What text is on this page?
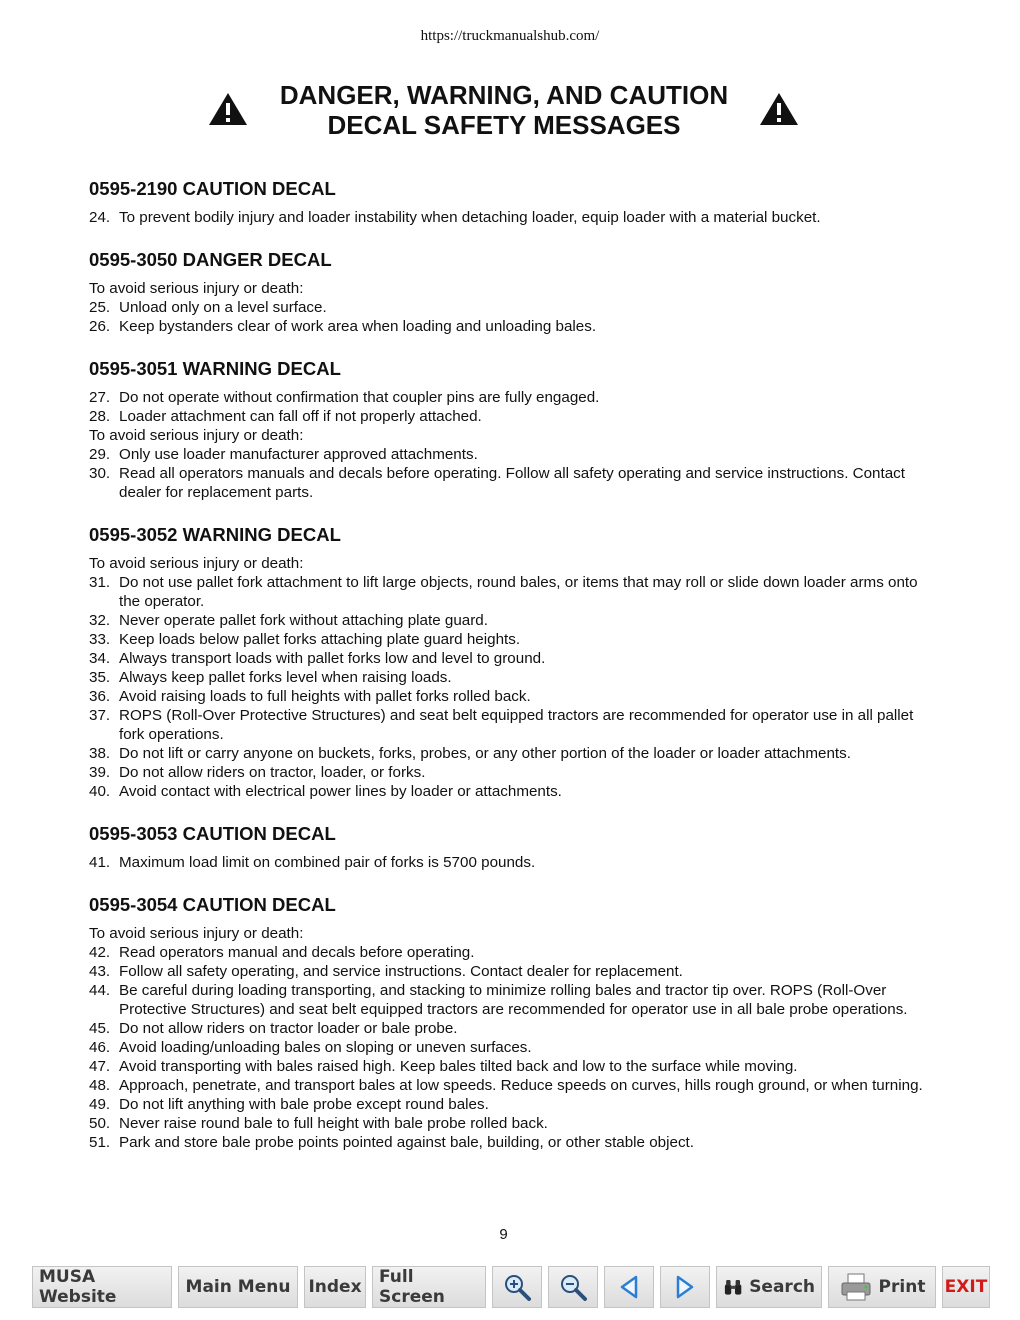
https://truckmanualshub.com/
DANGER, WARNING, AND CAUTION
DECAL SAFETY MESSAGES
0595-2190 CAUTION DECAL
24. To prevent bodily injury and loader instability when detaching loader, equip loader with a material bucket.
0595-3050 DANGER DECAL
To avoid serious injury or death:
25. Unload only on a level surface.
26. Keep bystanders clear of work area when loading and unloading bales.
0595-3051 WARNING DECAL
27. Do not operate without confirmation that coupler pins are fully engaged.
28. Loader attachment can fall off if not properly attached.
To avoid serious injury or death:
29. Only use loader manufacturer approved attachments.
30. Read all operators manuals and decals before operating. Follow all safety operating and service instructions. Contact dealer for replacement parts.
0595-3052 WARNING DECAL
To avoid serious injury or death:
31. Do not use pallet fork attachment to lift large objects, round bales, or items that may roll or slide down loader arms onto the operator.
32. Never operate pallet fork without attaching plate guard.
33. Keep loads below pallet forks attaching plate guard heights.
34. Always transport loads with pallet forks low and level to ground.
35. Always keep pallet forks level when raising loads.
36. Avoid raising loads to full heights with pallet forks rolled back.
37. ROPS (Roll-Over Protective Structures) and seat belt equipped tractors are recommended for operator use in all pallet fork operations.
38. Do not lift or carry anyone on buckets, forks, probes, or any other portion of the loader or loader attachments.
39. Do not allow riders on tractor, loader, or forks.
40. Avoid contact with electrical power lines by loader or attachments.
0595-3053 CAUTION DECAL
41. Maximum load limit on combined pair of forks is 5700 pounds.
0595-3054 CAUTION DECAL
To avoid serious injury or death:
42. Read operators manual and decals before operating.
43. Follow all safety operating, and service instructions. Contact dealer for replacement.
44. Be careful during loading transporting, and stacking to minimize rolling bales and tractor tip over. ROPS (Roll-Over Protective Structures) and seat belt equipped tractors are recommended for operator use in all bale probe operations.
45. Do not allow riders on tractor loader or bale probe.
46. Avoid loading/unloading bales on sloping or uneven surfaces.
47. Avoid transporting with bales raised high. Keep bales tilted back and low to the surface while moving.
48. Approach, penetrate, and transport bales at low speeds. Reduce speeds on curves, hills rough ground, or when turning.
49. Do not lift anything with bale probe except round bales.
50. Never raise round bale to full height with bale probe rolled back.
51. Park and store bale probe points pointed against bale, building, or other stable object.
9
MUSA Website	Main Menu Index Full Screen	Search	Print EXIT
